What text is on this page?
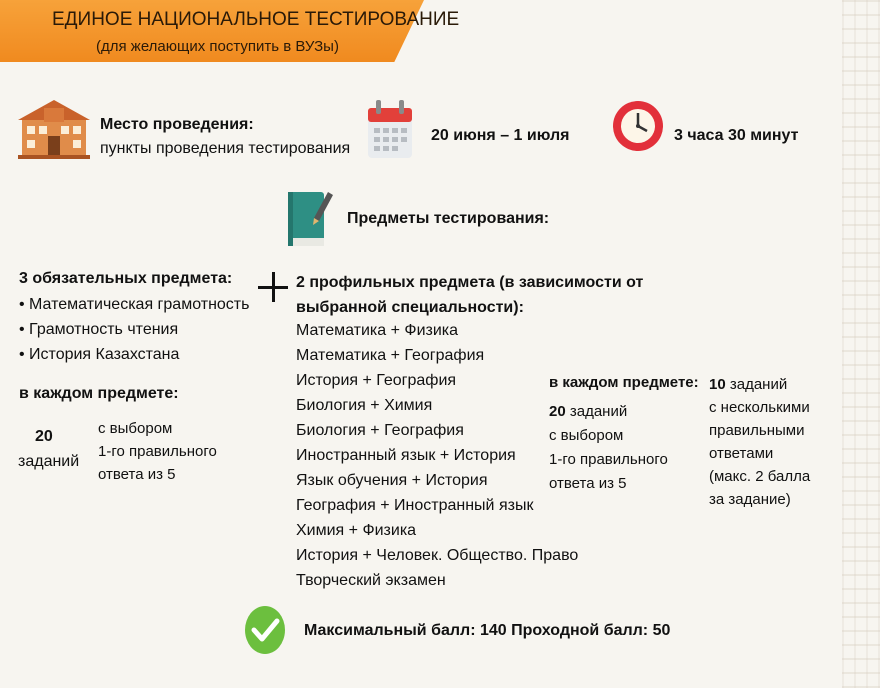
ЕДИНОЕ НАЦИОНАЛЬНОЕ ТЕСТИРОВАНИЕ
(для желающих поступить в ВУЗы)
Место проведения:
пункты проведения тестирования
20 июня – 1 июля	3 часа 30 минут
Предметы тестирования:
3 обязательных предмета:
• Математическая грамотность
• Грамотность чтения
• История Казахстана
в каждом предмете:
20
заданий
с выбором
1-го правильного
ответа из 5
2 профильных предмета (в зависимости от
выбранной специальности):
Математика + Физика
Математика + География
История + География
Биология + Химия
Биология + География
Иностранный язык + История
Язык обучения + История
География + Иностранный язык
Химия + Физика
История + Человек. Общество. Право
Творческий экзамен
в каждом предмете:
20 заданий
с выбором
1-го правильного
ответа из 5
10 заданий
с несколькими
правильными
ответами
(макс. 2 балла
за задание)
Максимальный балл: 140 Проходной балл: 50
